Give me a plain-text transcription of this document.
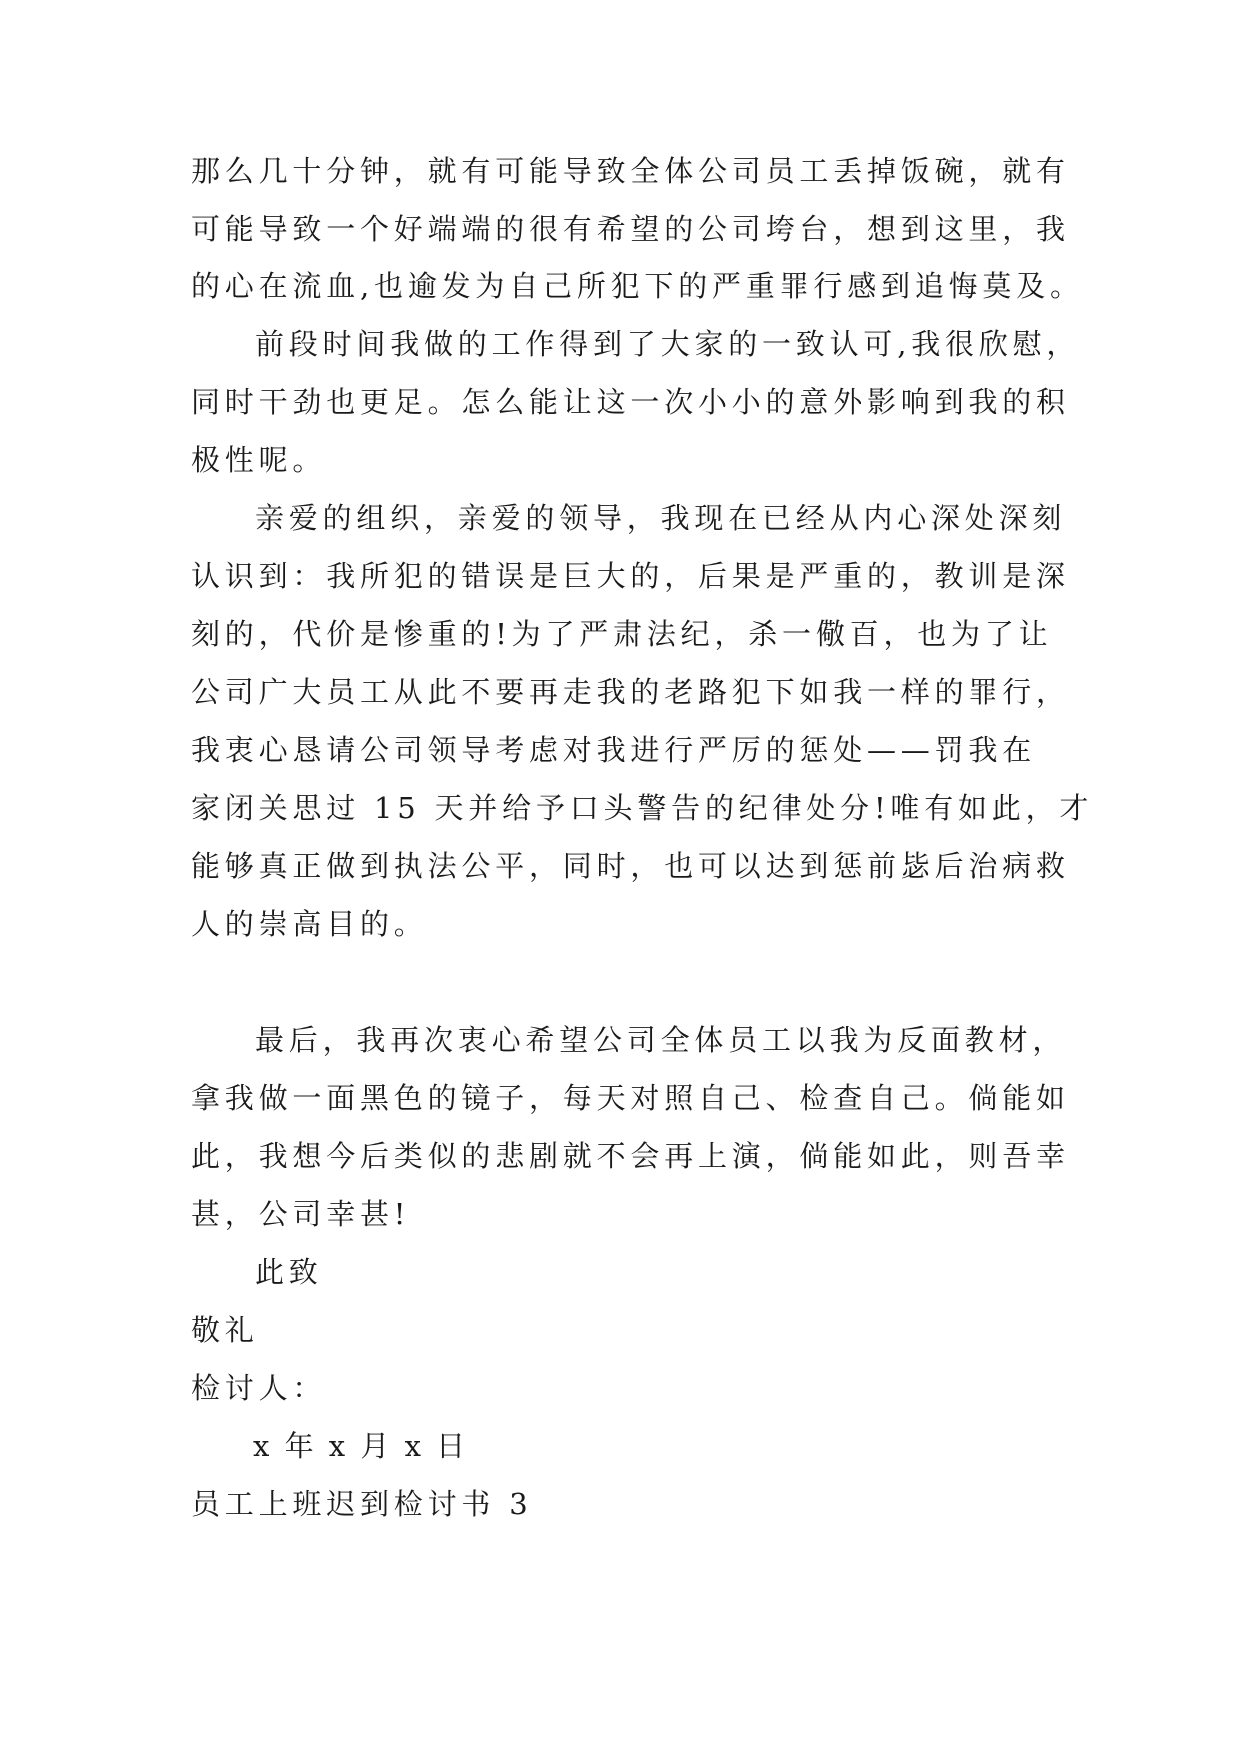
那么几十分钟，就有可能导致全体公司员工丢掉饭碗，就有
可能导致一个好端端的很有希望的公司垮台，想到这里，我
的心在流血,也逾发为自己所犯下的严重罪行感到追悔莫及。
前段时间我做的工作得到了大家的一致认可,我很欣慰，
同时干劲也更足。怎么能让这一次小小的意外影响到我的积
极性呢。
亲爱的组织，亲爱的领导，我现在已经从内心深处深刻
认识到：我所犯的错误是巨大的，后果是严重的，教训是深
刻的，代价是惨重的!为了严肃法纪，杀一儆百，也为了让
公司广大员工从此不要再走我的老路犯下如我一样的罪行，
我衷心恳请公司领导考虑对我进行严厉的惩处——罚我在
家闭关思过 15 天并给予口头警告的纪律处分!唯有如此，才
能够真正做到执法公平，同时，也可以达到惩前毖后治病救
人的崇高目的。
最后，我再次衷心希望公司全体员工以我为反面教材，
拿我做一面黑色的镜子，每天对照自己、检查自己。倘能如
此，我想今后类似的悲剧就不会再上演，倘能如此，则吾幸
甚，公司幸甚!
此致
敬礼
检讨人：
x 年 x 月 x 日
员工上班迟到检讨书 3
